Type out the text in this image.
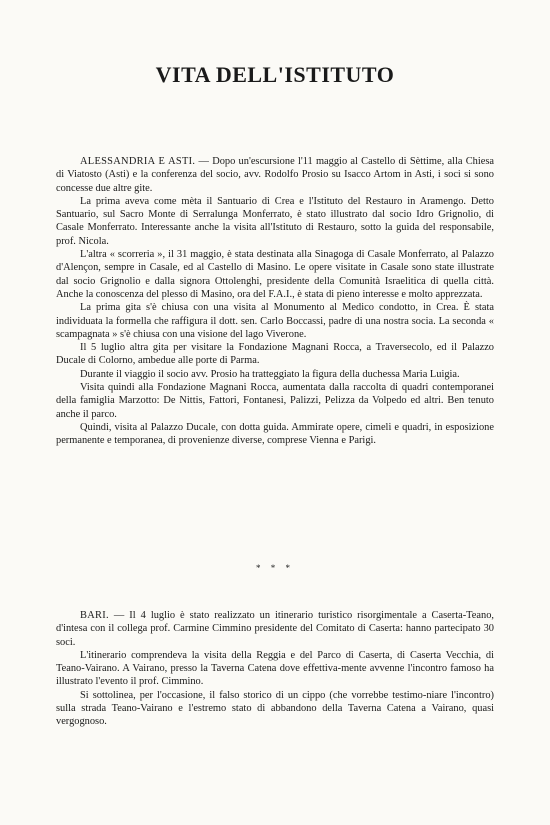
VITA DELL'ISTITUTO

ALESSANDRIA E ASTI. — Dopo un'escursione l'11 maggio al Castello di Sèttime, alla Chiesa di Viatosto (Asti) e la conferenza del socio, avv. Rodolfo Prosio su Isacco Artom in Asti, i soci si sono concesse due altre gite.

La prima aveva come mèta il Santuario di Crea e l'Istituto del Restauro in Aramengo. Detto Santuario, sul Sacro Monte di Serralunga Monferrato, è stato illustrato dal socio Idro Grignolio, di Casale Monferrato. Interessante anche la visita all'Istituto di Restauro, sotto la guida del responsabile, prof. Nicola.

L'altra « scorreria », il 31 maggio, è stata destinata alla Sinagoga di Casale Monferrato, al Palazzo d'Alençon, sempre in Casale, ed al Castello di Masino. Le opere visitate in Casale sono state illustrate dal socio Grignolio e dalla signora Ottolenghi, presidente della Comunità Israelitica di quella città. Anche la conoscenza del plesso di Masino, ora del F.A.I., è stata di pieno interesse e molto apprezzata.

La prima gita s'è chiusa con una visita al Monumento al Medico condotto, in Crea. È stata individuata la formella che raffigura il dott. sen. Carlo Boccassi, padre di una nostra socia. La seconda « scampagnata » s'è chiusa con una visione del lago Viverone.

Il 5 luglio altra gita per visitare la Fondazione Magnani Rocca, a Traversecolo, ed il Palazzo Ducale di Colorno, ambedue alle porte di Parma.

Durante il viaggio il socio avv. Prosio ha tratteggiato la figura della duchessa Maria Luigia.

Visita quindi alla Fondazione Magnani Rocca, aumentata dalla raccolta di quadri contemporanei della famiglia Marzotto: De Nittis, Fattori, Fontanesi, Palizzi, Pelizza da Volpedo ed altri. Ben tenuto anche il parco.

Quindi, visita al Palazzo Ducale, con dotta guida. Ammirate opere, cimeli e quadri, in esposizione permanente e temporanea, di provenienze diverse, comprese Vienna e Parigi.

* * *

BARI. — Il 4 luglio è stato realizzato un itinerario turistico risorgimentale a Caserta-Teano, d'intesa con il collega prof. Carmine Cimmino presidente del Comitato di Caserta: hanno partecipato 30 soci.

L'itinerario comprendeva la visita della Reggia e del Parco di Caserta, di Caserta Vecchia, di Teano-Vairano. A Vairano, presso la Taverna Catena dove effettiva-mente avvenne l'incontro famoso ha illustrato l'evento il prof. Cimmino.

Si sottolinea, per l'occasione, il falso storico di un cippo (che vorrebbe testimo-niare l'incontro) sulla strada Teano-Vairano e l'estremo stato di abbandono della Taverna Catena a Vairano, quasi vergognoso.
